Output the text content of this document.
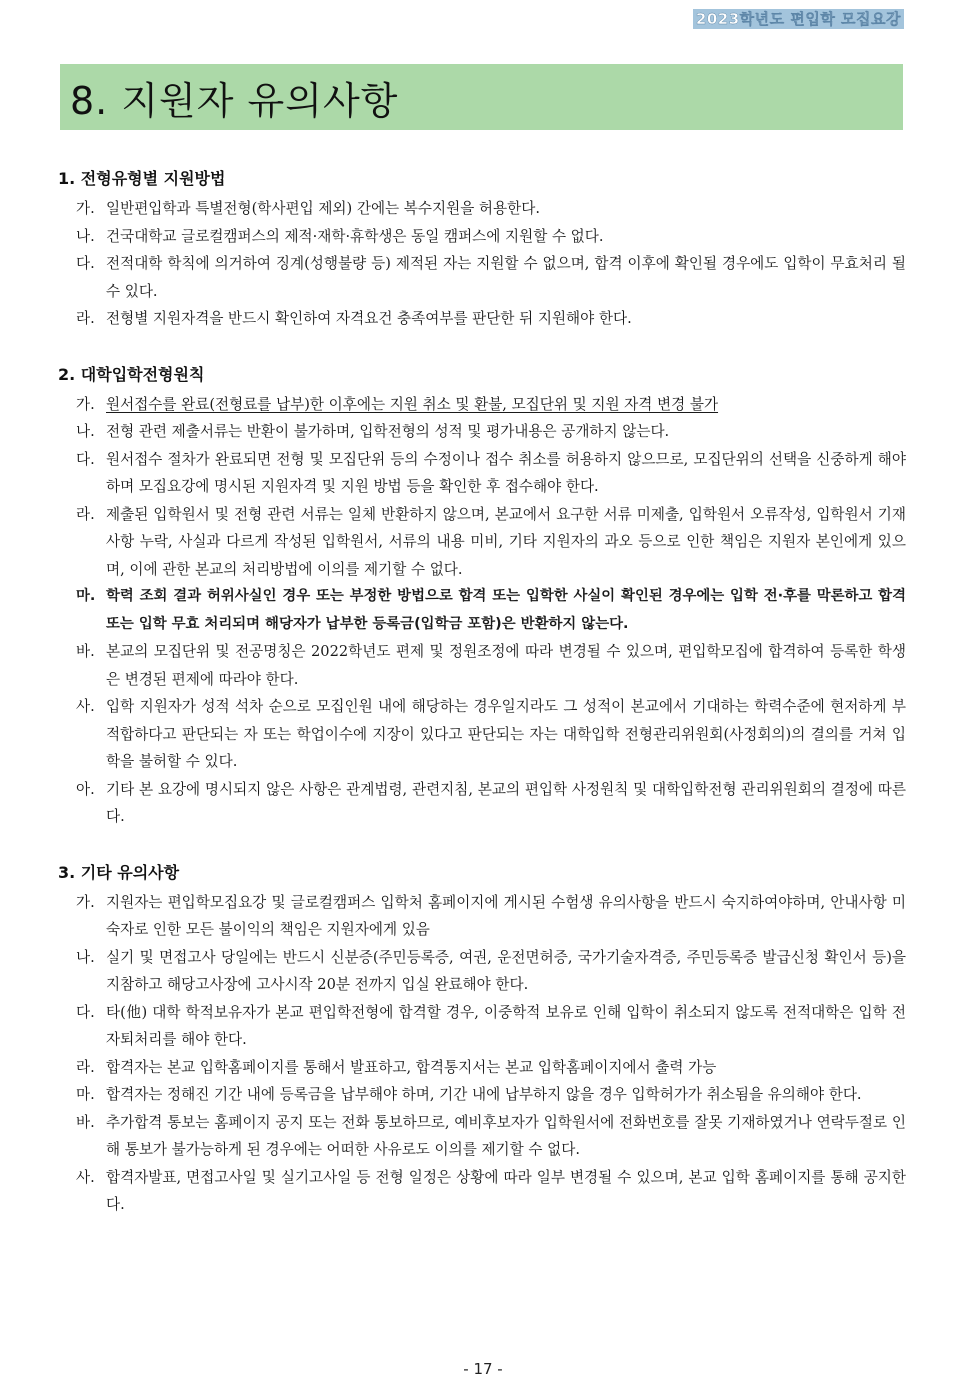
2023학년도 편입학 모집요강
8. 지원자 유의사항
1. 전형유형별 지원방법
가. 일반편입학과 특별전형(학사편입 제외) 간에는 복수지원을 허용한다.
나. 건국대학교 글로컬캠퍼스의 제적·재학·휴학생은 동일 캠퍼스에 지원할 수 없다.
다. 전적대학 학칙에 의거하여 징계(성행불량 등) 제적된 자는 지원할 수 없으며, 합격 이후에 확인될 경우에도 입학이 무효처리 될 수 있다.
라. 전형별 지원자격을 반드시 확인하여 자격요건 충족여부를 판단한 뒤 지원해야 한다.
2. 대학입학전형원칙
가. 원서접수를 완료(전형료를 납부)한 이후에는 지원 취소 및 환불, 모집단위 및 지원 자격 변경 불가
나. 전형 관련 제출서류는 반환이 불가하며, 입학전형의 성적 및 평가내용은 공개하지 않는다.
다. 원서접수 절차가 완료되면 전형 및 모집단위 등의 수정이나 접수 취소를 허용하지 않으므로, 모집단위의 선택을 신중하게 해야 하며 모집요강에 명시된 지원자격 및 지원 방법 등을 확인한 후 접수해야 한다.
라. 제출된 입학원서 및 전형 관련 서류는 일체 반환하지 않으며, 본교에서 요구한 서류 미제출, 입학원서 오류작성, 입학원서 기재사항 누락, 사실과 다르게 작성된 입학원서, 서류의 내용 미비, 기타 지원자의 과오 등으로 인한 책임은 지원자 본인에게 있으며, 이에 관한 본교의 처리방법에 이의를 제기할 수 없다.
마. 학력 조회 결과 허위사실인 경우 또는 부정한 방법으로 합격 또는 입학한 사실이 확인된 경우에는 입학 전·후를 막론하고 합격 또는 입학 무효 처리되며 해당자가 납부한 등록금(입학금 포함)은 반환하지 않는다.
바. 본교의 모집단위 및 전공명칭은 2022학년도 편제 및 정원조정에 따라 변경될 수 있으며, 편입학모집에 합격하여 등록한 학생은 변경된 편제에 따라야 한다.
사. 입학 지원자가 성적 석차 순으로 모집인원 내에 해당하는 경우일지라도 그 성적이 본교에서 기대하는 학력수준에 현저하게 부적합하다고 판단되는 자 또는 학업이수에 지장이 있다고 판단되는 자는 대학입학 전형관리위원회(사정회의)의 결의를 거쳐 입학을 불허할 수 있다.
아. 기타 본 요강에 명시되지 않은 사항은 관계법령, 관련지침, 본교의 편입학 사정원칙 및 대학입학전형 관리위원회의 결정에 따른다.
3. 기타 유의사항
가. 지원자는 편입학모집요강 및 글로컬캠퍼스 입학처 홈페이지에 게시된 수험생 유의사항을 반드시 숙지하여야하며, 안내사항 미숙자로 인한 모든 불이익의 책임은 지원자에게 있음
나. 실기 및 면접고사 당일에는 반드시 신분증(주민등록증, 여권, 운전면허증, 국가기술자격증, 주민등록증 발급신청 확인서 등)을 지참하고 해당고사장에 고사시작 20분 전까지 입실 완료해야 한다.
다. 타(他) 대학 학적보유자가 본교 편입학전형에 합격할 경우, 이중학적 보유로 인해 입학이 취소되지 않도록 전적대학은 입학 전 자퇴처리를 해야 한다.
라. 합격자는 본교 입학홈페이지를 통해서 발표하고, 합격통지서는 본교 입학홈페이지에서 출력 가능
마. 합격자는 정해진 기간 내에 등록금을 납부해야 하며, 기간 내에 납부하지 않을 경우 입학허가가 취소됨을 유의해야 한다.
바. 추가합격 통보는 홈페이지 공지 또는 전화 통보하므로, 예비후보자가 입학원서에 전화번호를 잘못 기재하였거나 연락두절로 인해 통보가 불가능하게 된 경우에는 어떠한 사유로도 이의를 제기할 수 없다.
사. 합격자발표, 면접고사일 및 실기고사일 등 전형 일정은 상황에 따라 일부 변경될 수 있으며, 본교 입학 홈페이지를 통해 공지한다.
- 17 -
